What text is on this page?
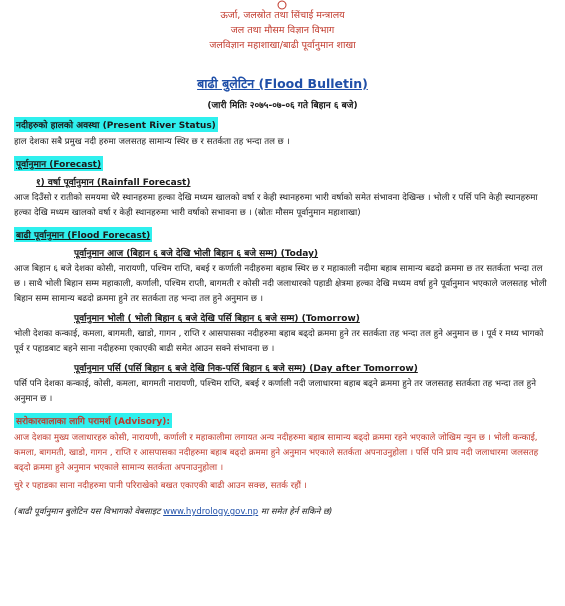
ऊर्जा, जलस्रोत तथा सिंचाई मन्त्रालय
जल तथा मौसम विज्ञान विभाग
जलविज्ञान महाशाखा/बाढी पूर्वानुमान शाखा
बाढी बुलेटिन (Flood Bulletin)
(जारी मितिः २०७५-०७-०६ गते बिहान ६ बजे)
नदीहरुको हालको अवस्था (Present River Status)

हाल देशका सबै प्रमुख नदी हरुमा जलसतह सामान्य स्थिर छ र सतर्कता तह भन्दा तल छ ।

पूर्वानुमान (Forecast)
१) वर्षा पूर्वानुमान (Rainfall Forecast)

आज दिउँसो र रातीको समयमा धेरै स्थानहरुमा हल्का देखि मध्यम खालको वर्षा र केही स्थानहरुमा भारी वर्षाको समेत संभावना देखिन्छ । भोली र पर्सि पनि केही स्थानहरुमा हल्का देखि मध्यम खालको वर्षा र केही स्थानहरुमा भारी वर्षाको सभावना छ । (स्रोतः मौसम पूर्वानुमान महाशाखा)

बाढी पूर्वानुमान (Flood Forecast)
पूर्वानुमान आज (बिहान ६ बजे देखि भोली बिहान ६ बजे सम्म) (Today)

आज बिहान ६ बजे देशका कोसी, नारायणी, पश्चिम राप्ति, बबई र कर्णाली नदीहरुमा बहाब स्थिर छ र महाकाली नदीमा बहाब सामान्य बढदो क्रममा छ तर सतर्कता भन्दा तल छ । साथै भोली बिहान सम्म महाकाली, कर्णाली, पश्चिम राप्ती, बागमती र कोसी नदी जलाधारको पहाडी क्षेत्रमा हल्का देखि मध्यम वर्षा हुने पूर्वानुमान भएकाले जलसतह भोली बिहान सम्म सामान्य बढदो क्रममा हुने तर सतर्कता तह भन्दा तल हुने अनुमान छ ।

पूर्वानुमान भोली ( भोली बिहान ६ बजे देखि पर्सि बिहान ६ बजे सम्म) (Tomorrow)

भोली देशका कन्काई, कमला, बागमती, खाडो, गागन , राप्ति र आसपासका नदीहरुमा बहाब बढ्दो क्रममा हुने तर सतर्कता तह भन्दा तल हुने अनुमान छ । पूर्व र मध्य भागको पूर्व र पहाडबाट बहने साना नदीहरुमा एकाएकी बाढी समेत आउन सक्ने संभावना छ ।

पूर्वानुमान पर्सि (पर्सि बिहान ६ बजे देखि निक-पर्सि बिहान ६ बजे सम्म) (Day after Tomorrow)

पर्सि पनि देशका कन्काई, कोसी, कमला, बागमती नारायणी, पश्चिम राप्ति, बबई र कर्णाली नदी जलाधारमा बहाब बढ्ने क्रममा हुने तर जलसतह सतर्कता तह भन्दा तल हुने अनुमान छ ।

सरोकारवालाका लागि परामर्श (Advisory):

आज देशका मुख्य जलाधारहरु कोसी, नारायणी, कर्णाली र महाकालीमा लगायत अन्य नदीहरुमा बहाब सामान्य बढ्दो क्रममा रहने भएकाले जोखिम न्युन छ । भोली कन्काई, कमला, बागमती, खाडो, गागन , राप्ति र आसपासका नदीहरुमा बहाब बढ्दो क्रममा हुने अनुमान भएकाले सतर्कता अपनाउनुहोला । पर्सि पनि प्राय नदी जलाधारमा जलसतह बढ्दो क्रममा हुने अनुमान भएकाले सामान्य सतर्कता अपनाउनुहोला ।

चुरे र पहाडका साना नदीहरुमा पानी परिराखेको बखत एकाएकी बाढी आउन सक्छ, सतर्क रहौं ।

(बाढी पूर्वानुमान बुलेटिन यस विभागको वेबसाइट www.hydrology.gov.np मा समेत हेर्न सकिने छ)
